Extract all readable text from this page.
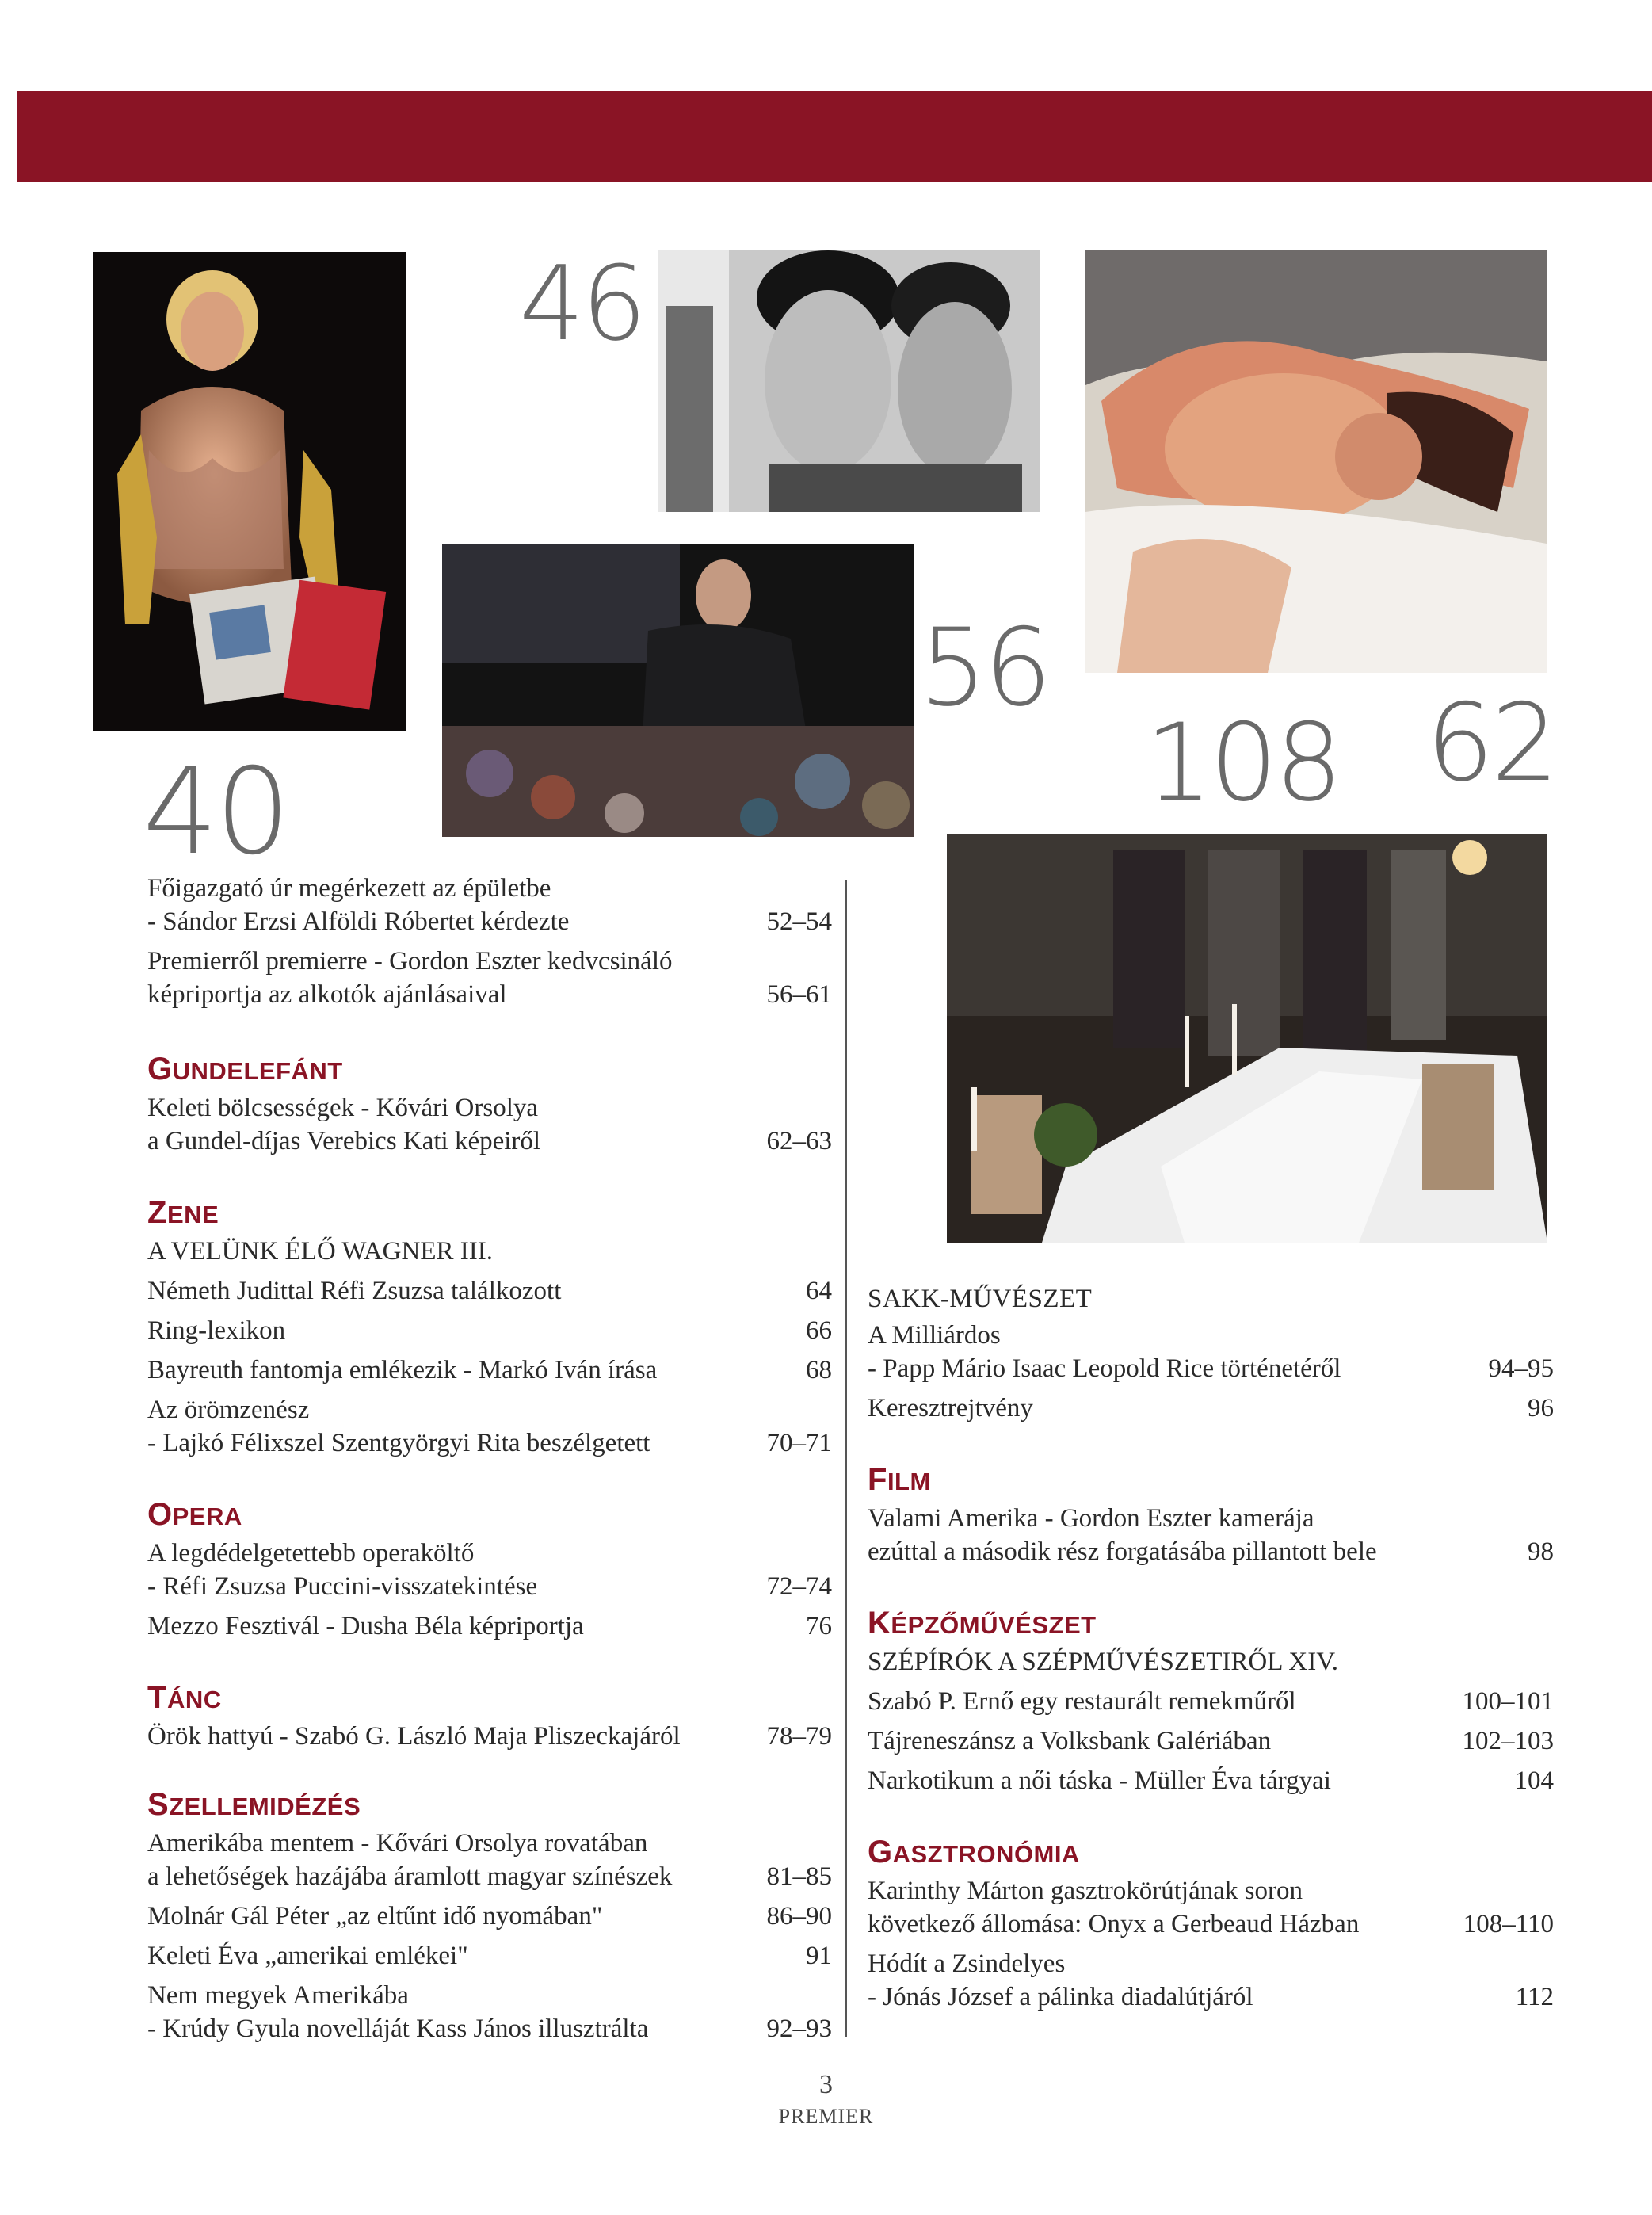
40
46
56
108 62
Főigazgató úr megérkezett az épületbe
- Sándor Erzsi Alföldi Róbertet kérdezte	52–54
Premierről premierre - Gordon Eszter kedvcsináló
képriportja az alkotók ajánlásaival	56–61
GUNDELEFÁNT
Keleti bölcsességek - Kővári Orsolya
a Gundel-díjas Verebics Kati képeiről	62–63
ZENE
A VELÜNK ÉLŐ WAGNER III.
Németh Judittal Réfi Zsuzsa találkozott	64
Ring-lexikon	66
Bayreuth fantomja emlékezik - Markó Iván írása	68
Az örömzenész
- Lajkó Félixszel Szentgyörgyi Rita beszélgetett	70–71
OPERA
A legdédelgetettebb operaköltő
- Réfi Zsuzsa Puccini-visszatekintése	72–74
Mezzo Fesztivál - Dusha Béla képriportja	76
TÁNC
Örök hattyú - Szabó G. László Maja Pliszeckajáról	78–79
SZELLEMIDÉZÉS
Amerikába mentem - Kővári Orsolya rovatában
a lehetőségek hazájába áramlott magyar színészek	81–85
Molnár Gál Péter „az eltűnt idő nyomában"	86–90
Keleti Éva „amerikai emlékei"	91
Nem megyek Amerikába
- Krúdy Gyula novelláját Kass János illusztrálta	92–93
SAKK-MŰVÉSZET
A Milliárdos
- Papp Mário Isaac Leopold Rice történetéről	94–95
Keresztrejtvény	96
FILM
Valami Amerika - Gordon Eszter kamerája
ezúttal a második rész forgatásába pillantott bele	98
KÉPZŐMŰVÉSZET
SZÉPÍRÓK A SZÉPMŰVÉSZETIRŐL XIV.
Szabó P. Ernő egy restaurált remekműről	100–101
Tájreneszánsz a Volksbank Galériában	102–103
Narkotikum a női táska - Müller Éva tárgyai	104
GASZTRONÓMIA
Karinthy Márton gasztrokörútjának soron
következő állomása: Onyx a Gerbeaud Házban	108–110
Hódít a Zsindelyes
- Jónás József a pálinka diadalútjáról	112
3
PREMIER
